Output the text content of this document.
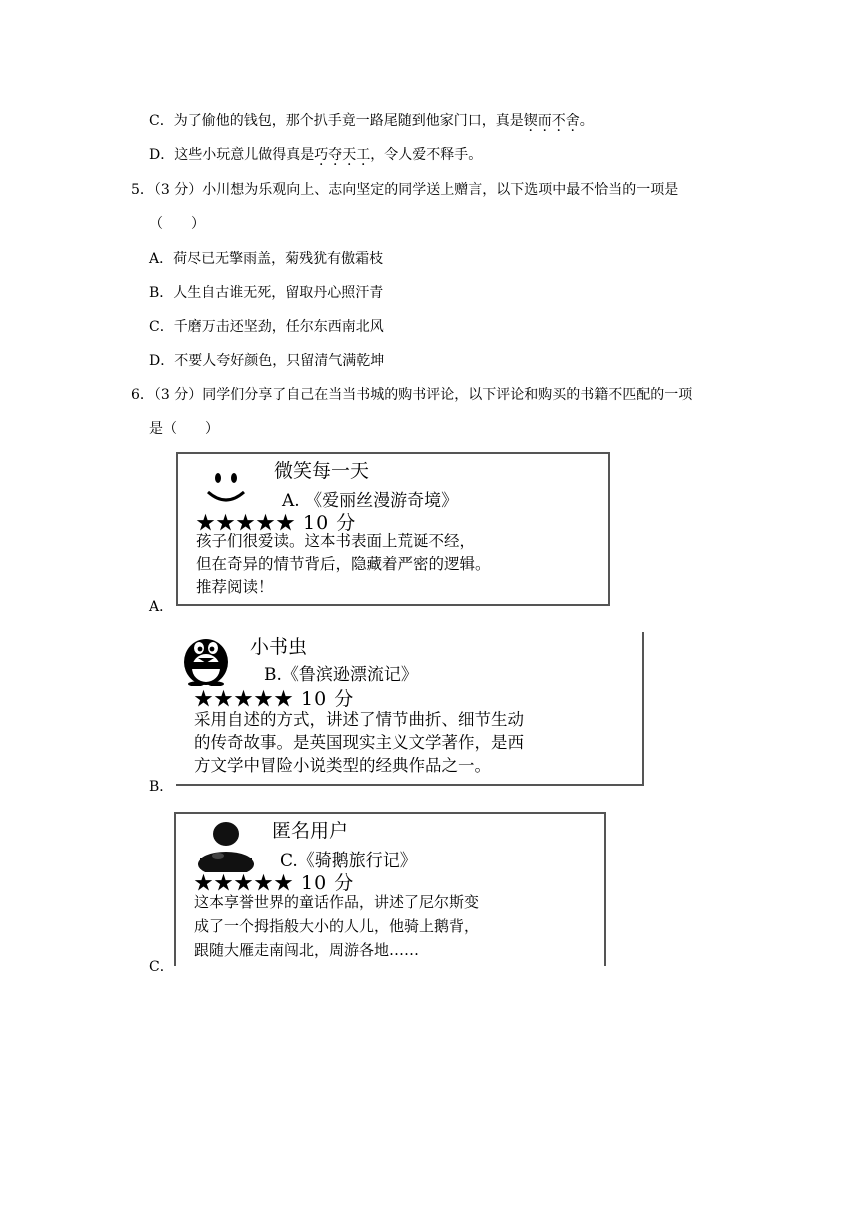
C．为了偷他的钱包，那个扒手竟一路尾随到他家门口，真是锲而不舍。
D．这些小玩意儿做得真是巧夺天工，令人爱不释手。
5．（3 分）小川想为乐观向上、志向坚定的同学送上赠言，以下选项中最不恰当的一项是
（　　）
A．荷尽已无擎雨盖，菊残犹有傲霜枝
B．人生自古谁无死，留取丹心照汗青
C．千磨万击还坚劲，任尔东西南北风
D．不要人夸好颜色，只留清气满乾坤
6．（3 分）同学们分享了自己在当当书城的购书评论，以下评论和购买的书籍不匹配的一项
是（　　）
A．
微笑每一天
A. 《爱丽丝漫游奇境》
★★★★★ 10 分
孩子们很爱读。这本书表面上荒诞不经，
但在奇异的情节背后，隐藏着严密的逻辑。
推荐阅读！
B．
小书虫
B.《鲁滨逊漂流记》
★★★★★ 10 分
采用自述的方式，讲述了情节曲折、细节生动
的传奇故事。是英国现实主义文学著作，是西
方文学中冒险小说类型的经典作品之一。
C．
匿名用户
C.《骑鹅旅行记》
★★★★★ 10 分
这本享誉世界的童话作品，讲述了尼尔斯变
成了一个拇指般大小的人儿，他骑上鹅背，
跟随大雁走南闯北，周游各地……
